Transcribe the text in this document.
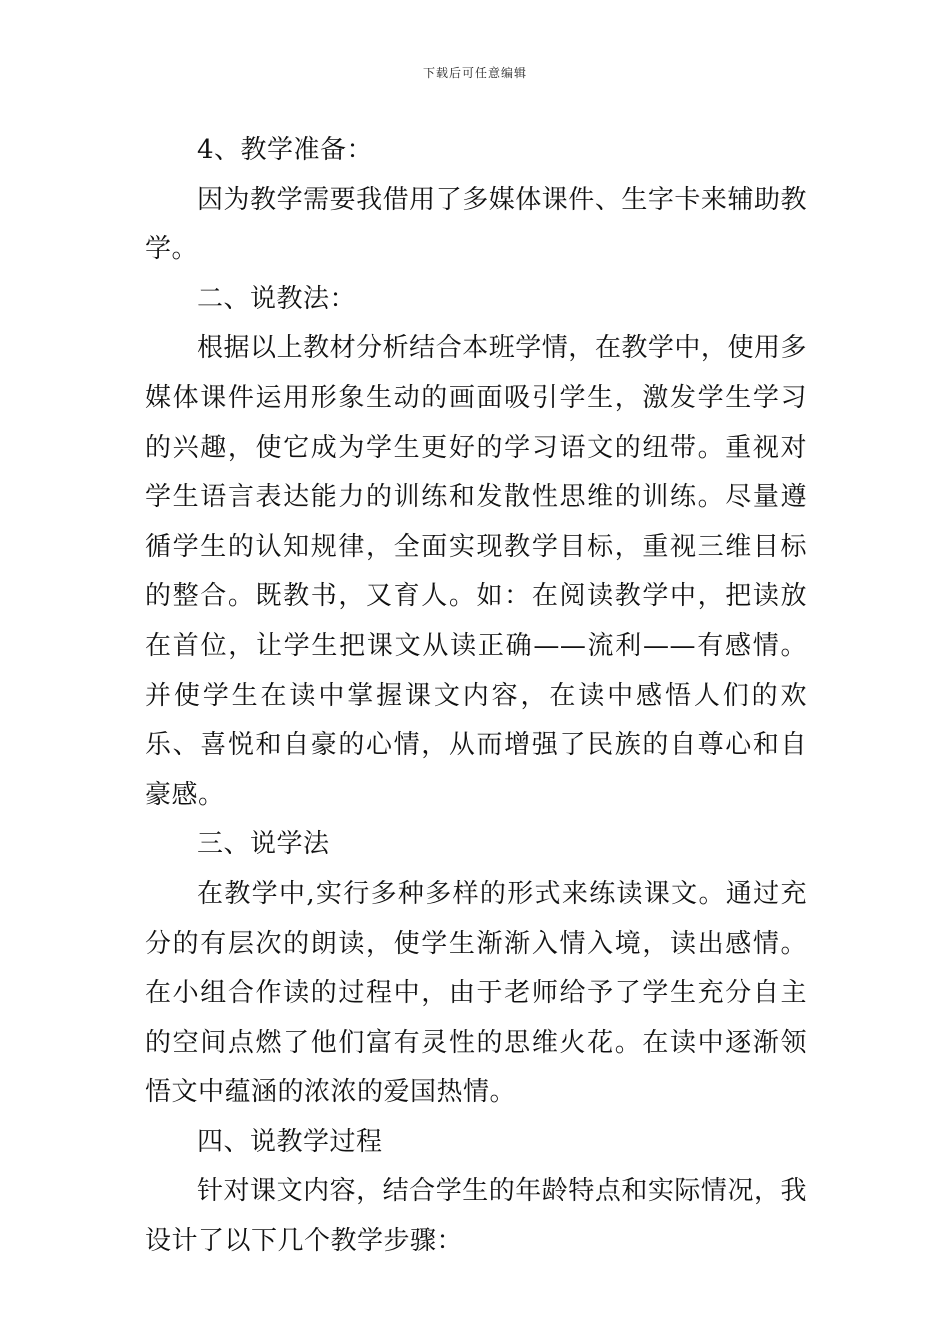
下载后可任意编辑

4、教学准备：

因为教学需要我借用了多媒体课件、生字卡来辅助教学。

二、说教法：

根据以上教材分析结合本班学情，在教学中，使用多媒体课件运用形象生动的画面吸引学生，激发学生学习的兴趣，使它成为学生更好的学习语文的纽带。重视对学生语言表达能力的训练和发散性思维的训练。尽量遵循学生的认知规律，全面实现教学目标，重视三维目标的整合。既教书，又育人。如：在阅读教学中，把读放在首位，让学生把课文从读正确——流利——有感情。并使学生在读中掌握课文内容，在读中感悟人们的欢乐、喜悦和自豪的心情，从而增强了民族的自尊心和自豪感。

三、说学法

在教学中,实行多种多样的形式来练读课文。通过充分的有层次的朗读，使学生渐渐入情入境，读出感情。在小组合作读的过程中，由于老师给予了学生充分自主的空间点燃了他们富有灵性的思维火花。在读中逐渐领悟文中蕴涵的浓浓的爱国热情。

四、说教学过程

针对课文内容，结合学生的年龄特点和实际情况，我设计了以下几个教学步骤：
